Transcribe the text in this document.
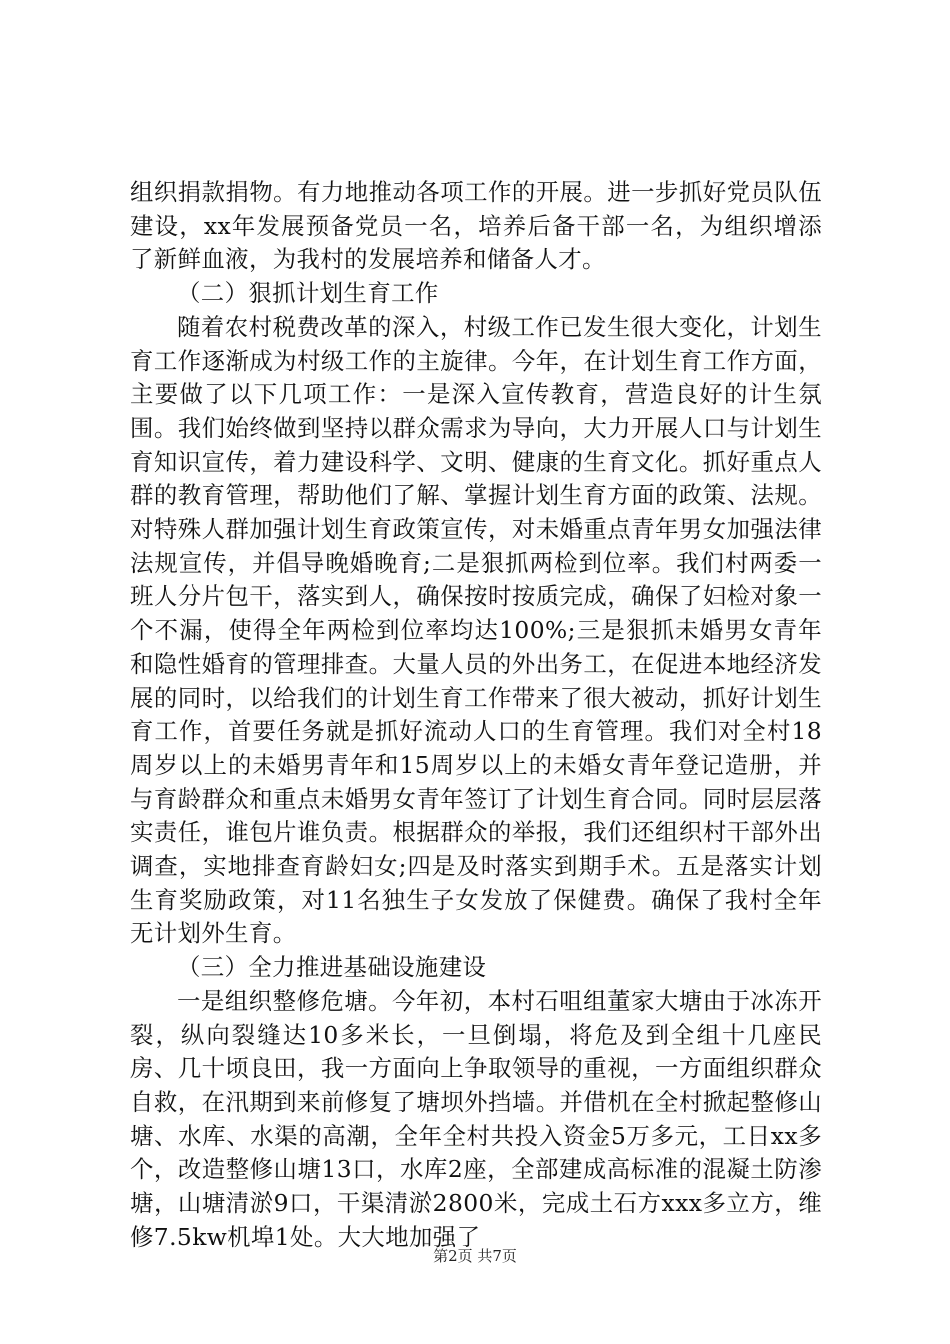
组织捐款捐物。有力地推动各项工作的开展。进一步抓好党员队伍建设，xx年发展预备党员一名，培养后备干部一名，为组织增添了新鲜血液，为我村的发展培养和储备人才。

（二）狠抓计划生育工作

随着农村税费改革的深入，村级工作已发生很大变化，计划生育工作逐渐成为村级工作的主旋律。今年，在计划生育工作方面，主要做了以下几项工作：一是深入宣传教育，营造良好的计生氛围。我们始终做到坚持以群众需求为导向，大力开展人口与计划生育知识宣传，着力建设科学、文明、健康的生育文化。抓好重点人群的教育管理，帮助他们了解、掌握计划生育方面的政策、法规。对特殊人群加强计划生育政策宣传，对未婚重点青年男女加强法律法规宣传，并倡导晚婚晚育;二是狠抓两检到位率。我们村两委一班人分片包干，落实到人，确保按时按质完成，确保了妇检对象一个不漏，使得全年两检到位率均达100%;三是狠抓未婚男女青年和隐性婚育的管理排查。大量人员的外出务工，在促进本地经济发展的同时，以给我们的计划生育工作带来了很大被动，抓好计划生育工作，首要任务就是抓好流动人口的生育管理。我们对全村18周岁以上的未婚男青年和15周岁以上的未婚女青年登记造册，并与育龄群众和重点未婚男女青年签订了计划生育合同。同时层层落实责任，谁包片谁负责。根据群众的举报，我们还组织村干部外出调查，实地排查育龄妇女;四是及时落实到期手术。五是落实计划生育奖励政策，对11名独生子女发放了保健费。确保了我村全年无计划外生育。

（三）全力推进基础设施建设

一是组织整修危塘。今年初，本村石咀组董家大塘由于冰冻开裂，纵向裂缝达10多米长，一旦倒塌，将危及到全组十几座民房、几十顷良田，我一方面向上争取领导的重视，一方面组织群众自救，在汛期到来前修复了塘坝外挡墙。并借机在全村掀起整修山塘、水库、水渠的高潮，全年全村共投入资金5万多元，工日xx多个，改造整修山塘13口，水库2座，全部建成高标准的混凝土防渗塘，山塘清淤9口，干渠清淤2800米，完成土石方xxx多立方，维修7.5kw机埠1处。大大地加强了

第2页 共7页
